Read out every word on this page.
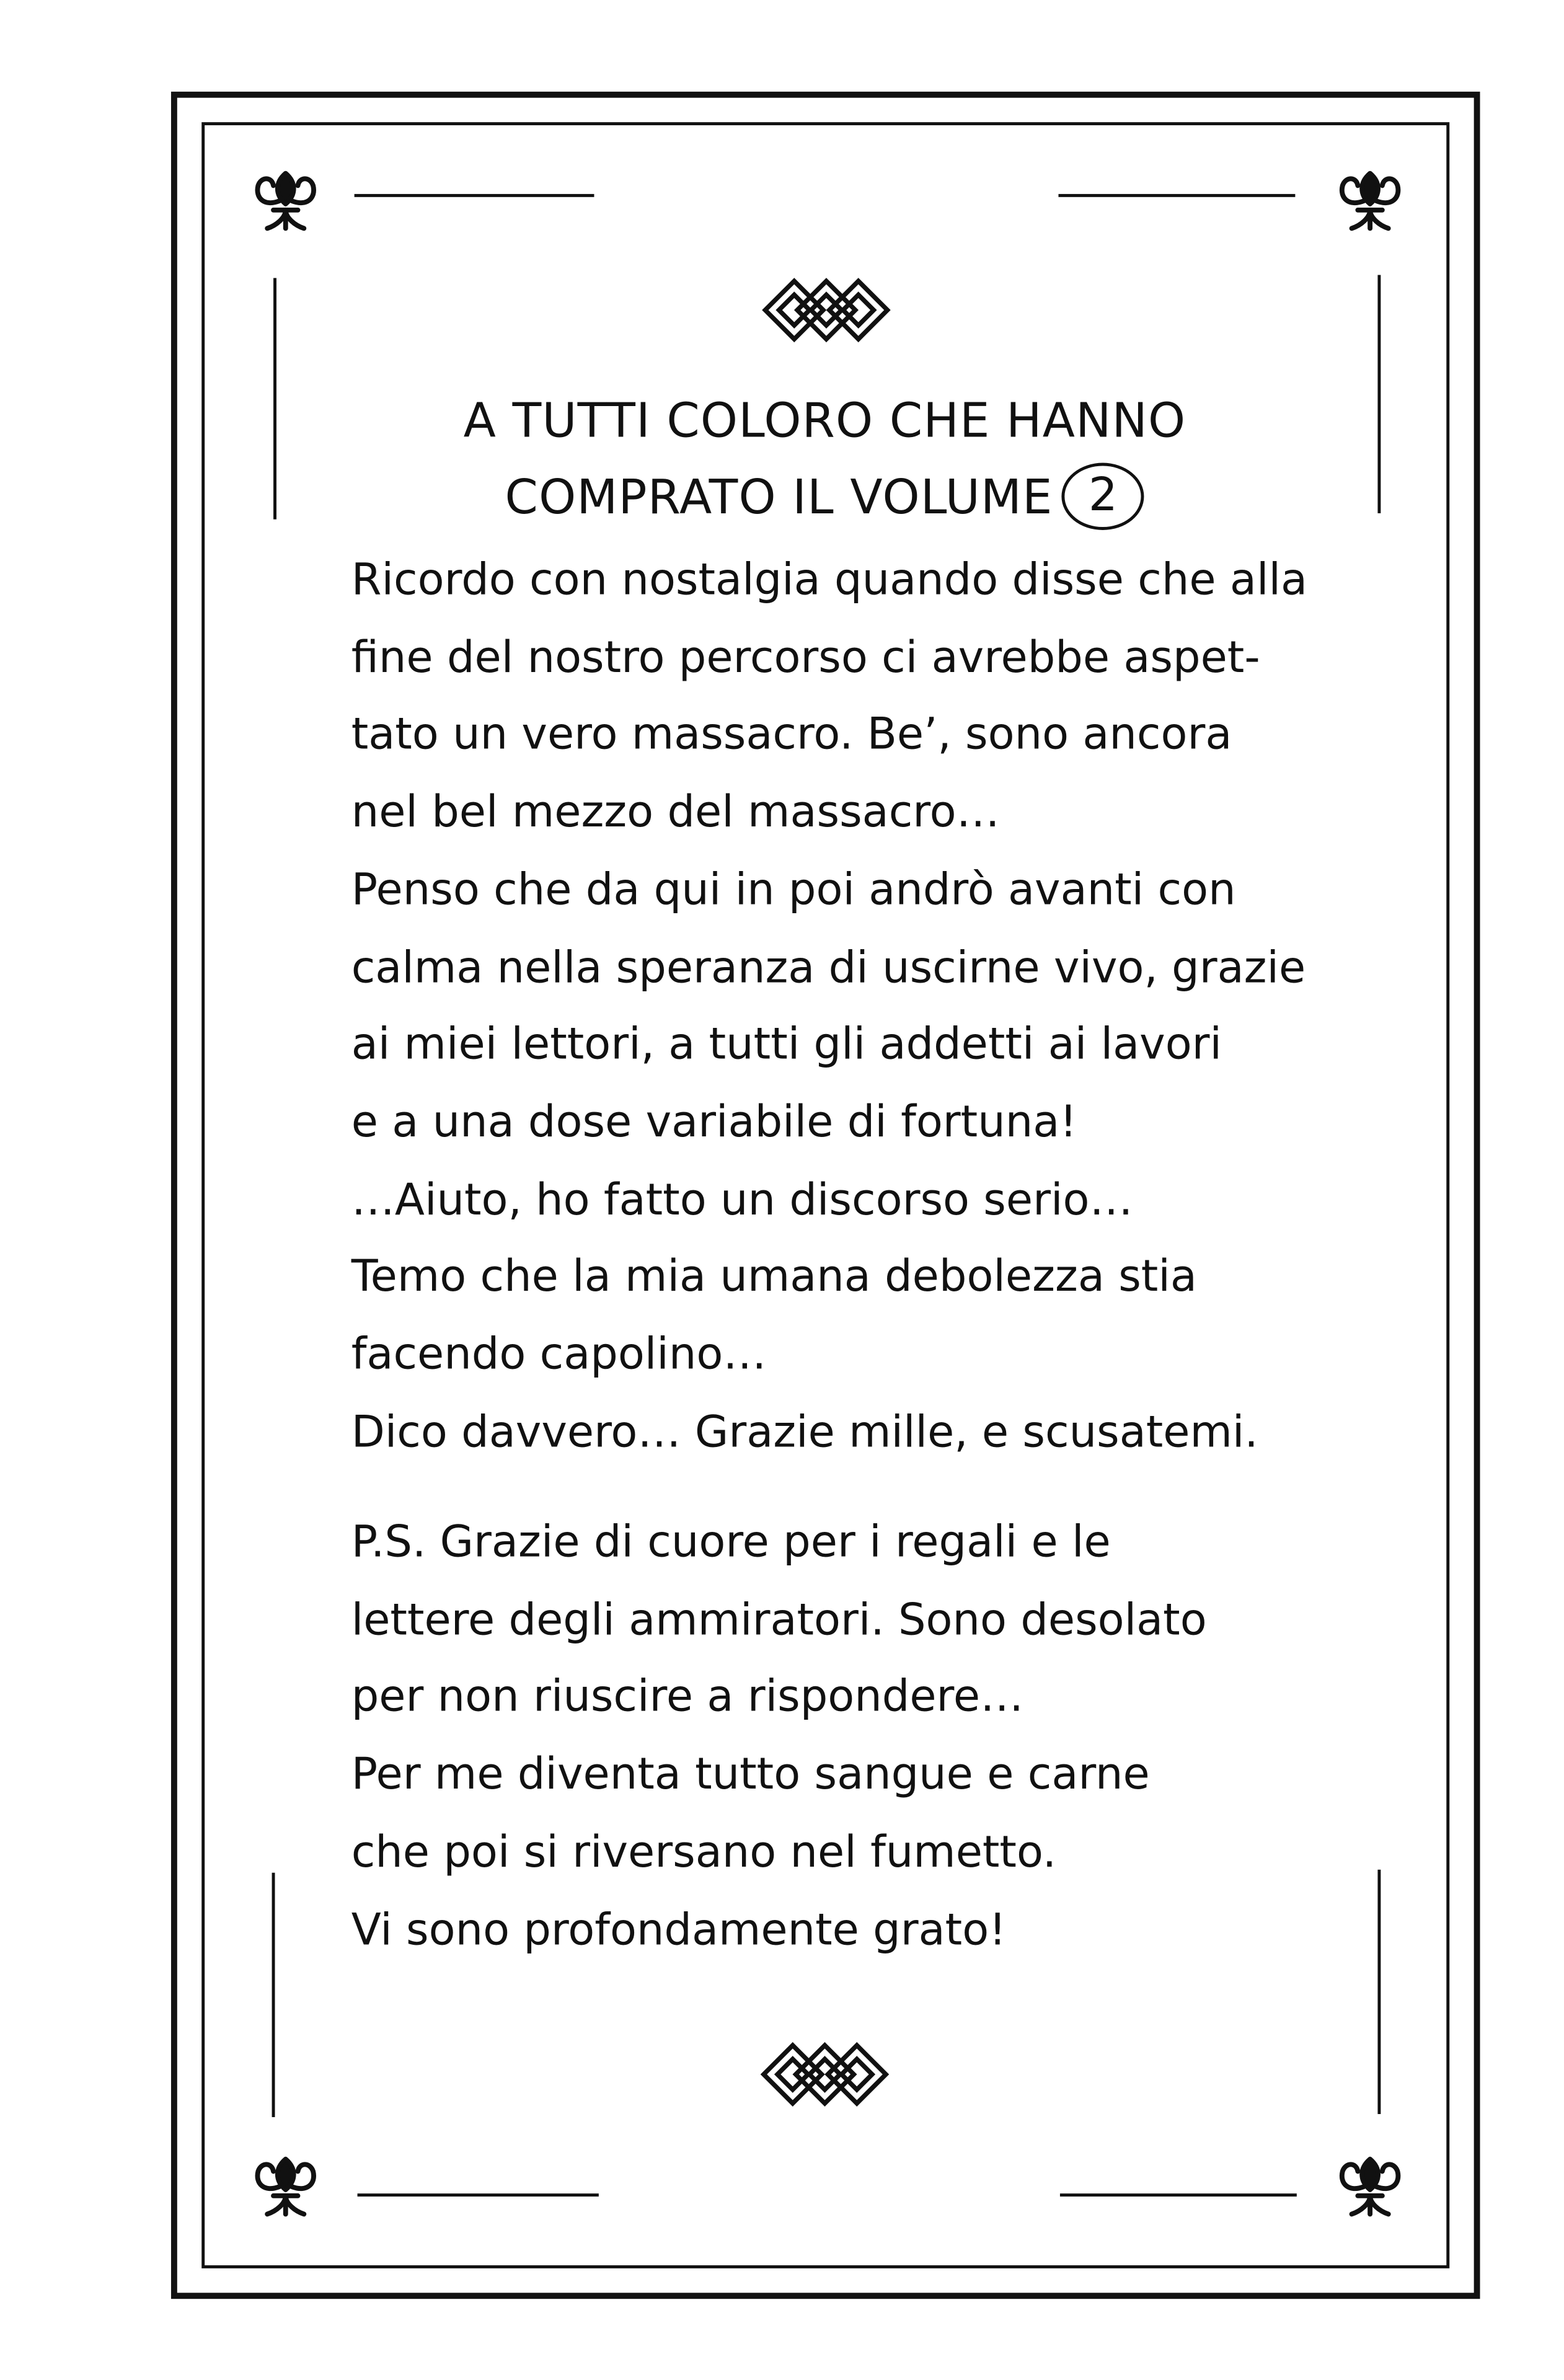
A TUTTI COLORO CHE HANNO
COMPRATO IL VOLUME 2
Ricordo con nostalgia quando disse che alla
fine del nostro percorso ci avrebbe aspet-
tato un vero massacro. Be’, sono ancora
nel bel mezzo del massacro…
Penso che da qui in poi andrò avanti con
calma nella speranza di uscirne vivo, grazie
ai miei lettori, a tutti gli addetti ai lavori
e a una dose variabile di fortuna!
…Aiuto, ho fatto un discorso serio…
Temo che la mia umana debolezza stia
facendo capolino…
Dico davvero… Grazie mille, e scusatemi.
P.S. Grazie di cuore per i regali e le
lettere degli ammiratori. Sono desolato
per non riuscire a rispondere…
Per me diventa tutto sangue e carne
che poi si riversano nel fumetto.
Vi sono profondamente grato!
